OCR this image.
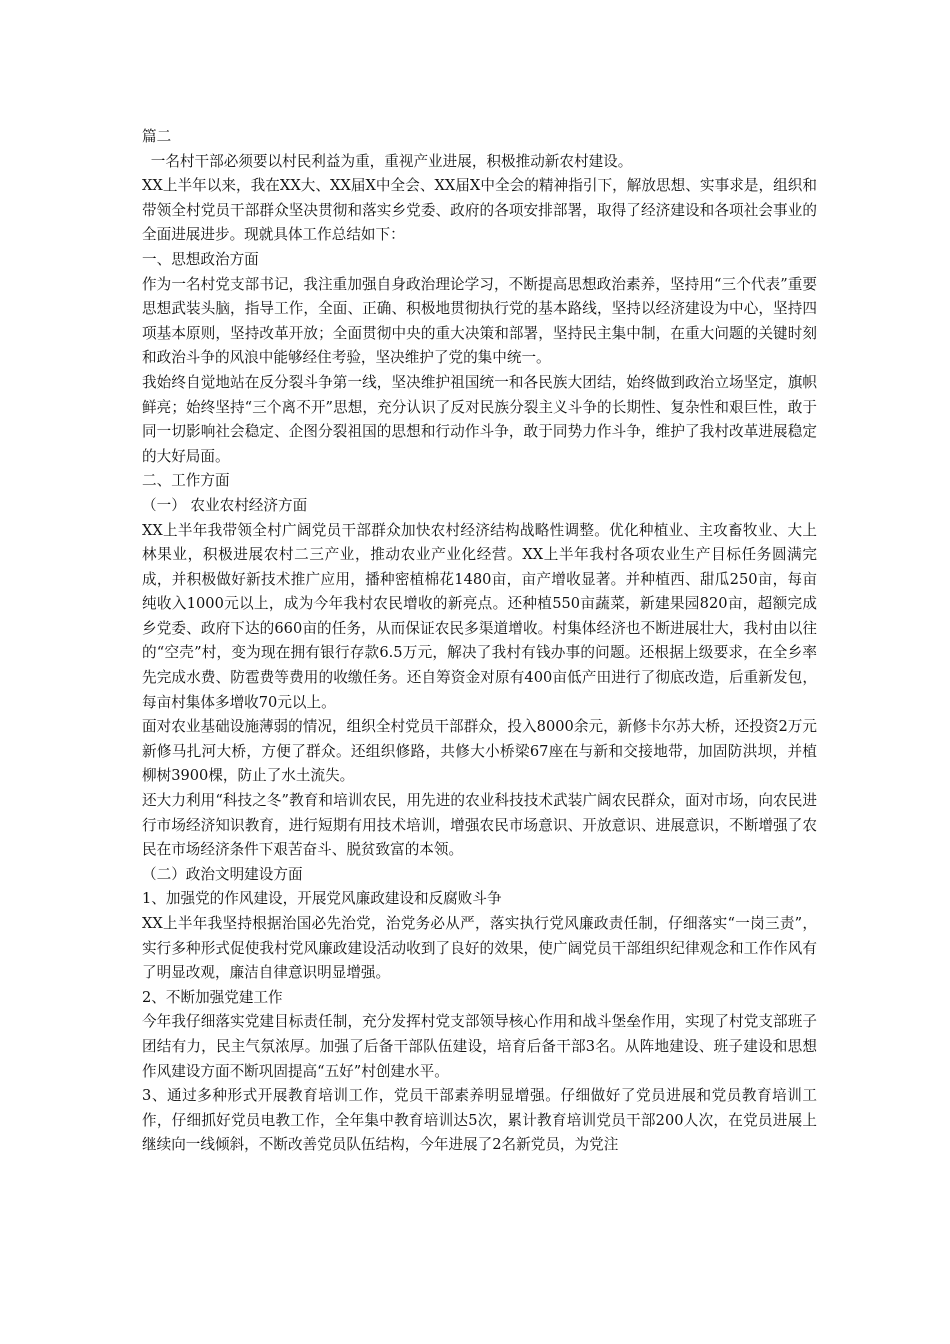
篇二

一名村干部必须要以村民利益为重，重视产业进展，积极推动新农村建设。

XX上半年以来，我在XX大、XX届X中全会、XX届X中全会的精神指引下，解放思想、实事求是，组织和带领全村党员干部群众坚决贯彻和落实乡党委、政府的各项安排部署，取得了经济建设和各项社会事业的全面进展进步。现就具体工作总结如下：

一、思想政治方面

作为一名村党支部书记，我注重加强自身政治理论学习，不断提高思想政治素养，坚持用“三个代表”重要思想武装头脑，指导工作，全面、正确、积极地贯彻执行党的基本路线，坚持以经济建设为中心，坚持四项基本原则，坚持改革开放；全面贯彻中央的重大决策和部署，坚持民主集中制，在重大问题的关键时刻和政治斗争的风浪中能够经住考验，坚决维护了党的集中统一。

我始终自觉地站在反分裂斗争第一线，坚决维护祖国统一和各民族大团结，始终做到政治立场坚定，旗帜鲜亮；始终坚持“三个离不开”思想，充分认识了反对民族分裂主义斗争的长期性、复杂性和艰巨性，敢于同一切影响社会稳定、企图分裂祖国的思想和行动作斗争，敢于同势力作斗争，维护了我村改革进展稳定的大好局面。

二、工作方面

（一） 农业农村经济方面

XX上半年我带领全村广阔党员干部群众加快农村经济结构战略性调整。优化种植业、主攻畜牧业、大上林果业，积极进展农村二三产业，推动农业产业化经营。XX上半年我村各项农业生产目标任务圆满完成，并积极做好新技术推广应用，播种密植棉花1480亩，亩产增收显著。并种植西、甜瓜250亩，每亩纯收入1000元以上，成为今年我村农民增收的新亮点。还种植550亩蔬菜，新建果园820亩，超额完成乡党委、政府下达的660亩的任务，从而保证农民多渠道增收。村集体经济也不断进展壮大，我村由以往的“空壳”村，变为现在拥有银行存款6.5万元，解决了我村有钱办事的问题。还根据上级要求，在全乡率先完成水费、防雹费等费用的收缴任务。还自筹资金对原有400亩低产田进行了彻底改造，后重新发包，每亩村集体多增收70元以上。

面对农业基础设施薄弱的情况，组织全村党员干部群众，投入8000余元，新修卡尔苏大桥，还投资2万元新修马扎河大桥，方便了群众。还组织修路，共修大小桥梁67座在与新和交接地带，加固防洪坝，并植柳树3900棵，防止了水土流失。

还大力利用“科技之冬”教育和培训农民，用先进的农业科技技术武装广阔农民群众，面对市场，向农民进行市场经济知识教育，进行短期有用技术培训，增强农民市场意识、开放意识、进展意识，不断增强了农民在市场经济条件下艰苦奋斗、脱贫致富的本领。

（二）政治文明建设方面

1、加强党的作风建设，开展党风廉政建设和反腐败斗争

XX上半年我坚持根据治国必先治党，治党务必从严，落实执行党风廉政责任制，仔细落实“一岗三责”，实行多种形式促使我村党风廉政建设活动收到了良好的效果，使广阔党员干部组织纪律观念和工作作风有了明显改观，廉洁自律意识明显增强。

2、不断加强党建工作

今年我仔细落实党建目标责任制，充分发挥村党支部领导核心作用和战斗堡垒作用，实现了村党支部班子团结有力，民主气氛浓厚。加强了后备干部队伍建设，培育后备干部3名。从阵地建设、班子建设和思想作风建设方面不断巩固提高“五好”村创建水平。

3、通过多种形式开展教育培训工作，党员干部素养明显增强。仔细做好了党员进展和党员教育培训工作，仔细抓好党员电教工作，全年集中教育培训达5次，累计教育培训党员干部200人次，在党员进展上继续向一线倾斜，不断改善党员队伍结构，今年进展了2名新党员，为党注
